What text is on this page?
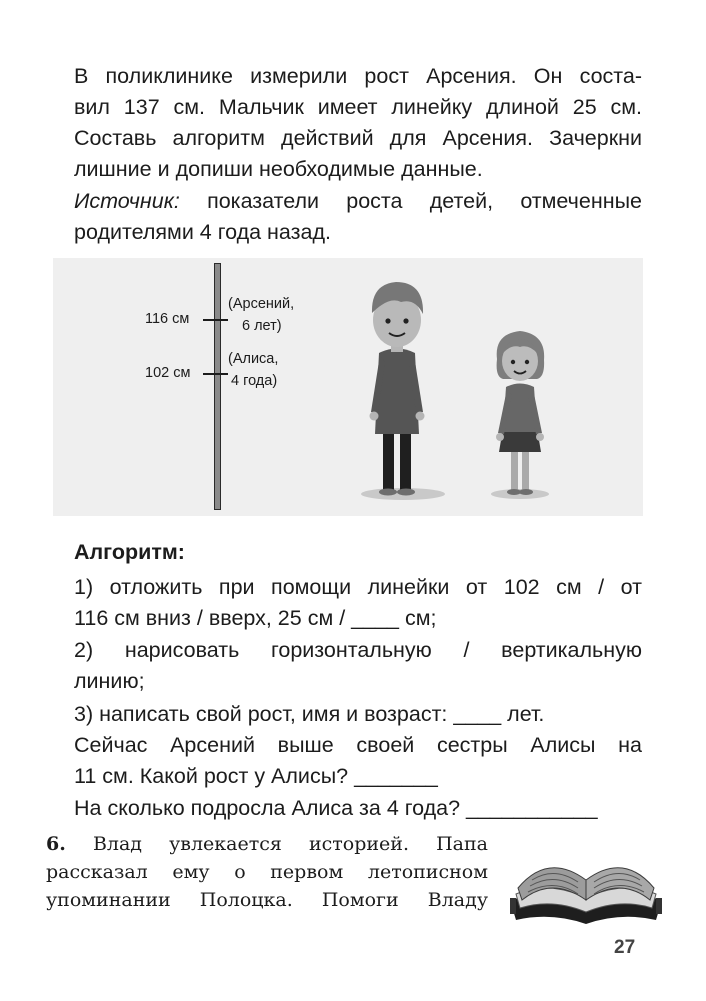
В поликлинике измерили рост Арсения. Он соста-
вил 137 см. Мальчик имеет линейку длиной 25 см.
Составь алгоритм действий для Арсения. Зачеркни
лишние и допиши необходимые данные.
Источник: показатели роста детей, отмеченные
родителями 4 года назад.
116 см
(Арсений,
6 лет)
102 см
(Алиса,
4 года)
Алгоритм:
1) отложить при помощи линейки от 102 см / от
116 см вниз / вверх, 25 см / ____ см;
2) нарисовать горизонтальную / вертикальную
линию;
3) написать свой рост, имя и возраст: ____ лет.
Сейчас Арсений выше своей сестры Алисы на
11 см. Какой рост у Алисы? _______
На сколько подросла Алиса за 4 года? ___________
6. Влад увлекается историей. Папа
рассказал ему о первом летописном
упоминании Полоцка. Помоги Владу
27
